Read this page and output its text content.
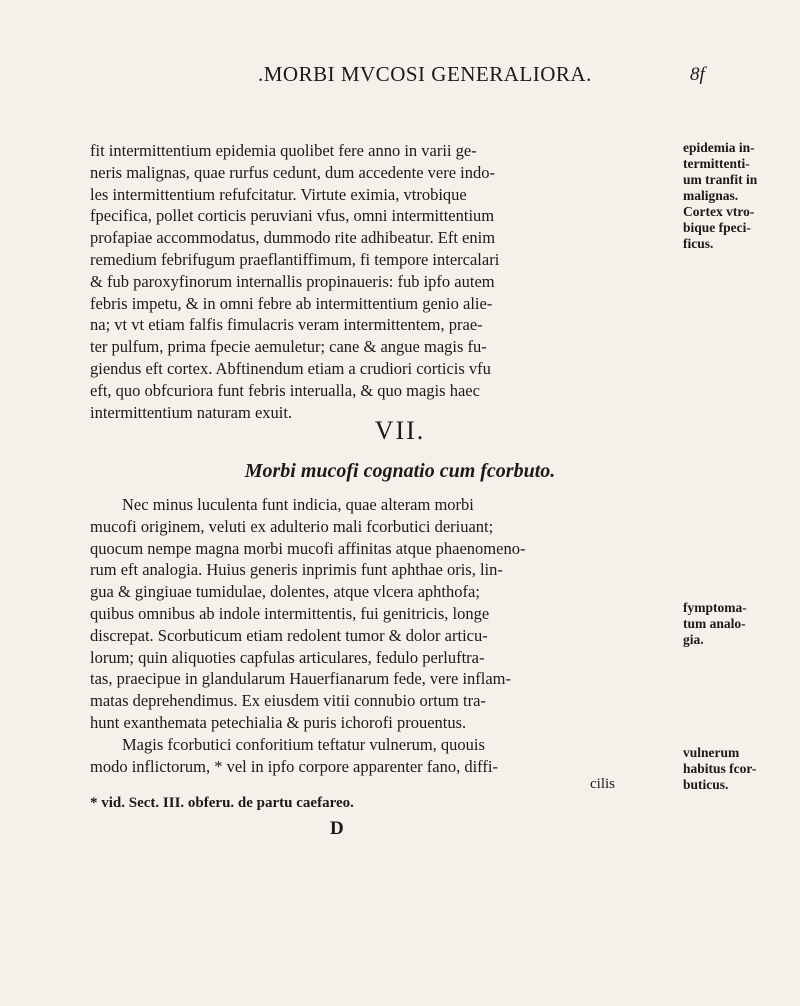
.MORBI MVCOSI GENERALIORA.	8f
fit intermittentium epidemia quolibet fere anno in varii ge-
neris malignas, quae rurfus cedunt, dum accedente vere indo-
les intermittentium refufcitatur. Virtute eximia, vtrobique
fpecifica, pollet corticis peruviani vfus, omni intermittentium
profapiae accommodatus, dummodo rite adhibeatur. Eft enim
remedium febrifugum praeflantiffimum, fi tempore intercalari
& fub paroxyfinorum internallis propinaueris: fub ipfo autem
febris impetu, & in omni febre ab intermittentium genio alie-
na; vt vt etiam falfis fimulacris veram intermittentem, prae-
ter pulfum, prima fpecie aemuletur; cane & angue magis fu-
giendus eft cortex. Abftinendum etiam a crudiori corticis vfu
eft, quo obfcuriora funt febris interualla, & quo magis haec
intermittentium naturam exuit.
epidemia in-
termittenti-
um tranfit in
malignas.
Cortex vtro-
bique fpeci-
ficus.
VII.
Morbi mucofi cognatio cum fcorbuto.
Nec minus luculenta funt indicia, quae alteram morbi
mucofi originem, veluti ex adulterio mali fcorbutici deriuant;
quocum nempe magna morbi mucofi affinitas atque phaenomeno-
rum eft analogia. Huius generis inprimis funt aphthae oris, lin-
gua & gingiuae tumidulae, dolentes, atque vlcera aphthofa;
quibus omnibus ab indole intermittentis, fui genitricis, longe
discrepat. Scorbuticum etiam redolent tumor & dolor articu-
lorum; quin aliquoties capfulas articulares, fedulo perluftra-
tas, praecipue in glandularum Hauerfianarum fede, vere inflam-
matas deprehendimus. Ex eiusdem vitii connubio ortum tra-
hunt exanthemata petechialia & puris ichorofi prouentus.
Magis fcorbutici conforitium teftatur vulnerum, quouis
modo inflictorum, * vel in ipfo corpore apparenter fano, diffi-
fymptoma-
tum analo-
gia.
vulnerum
habitus fcor-
buticus.
cilis
* vid. Sect. III. obferu. de partu caefareo.
D
